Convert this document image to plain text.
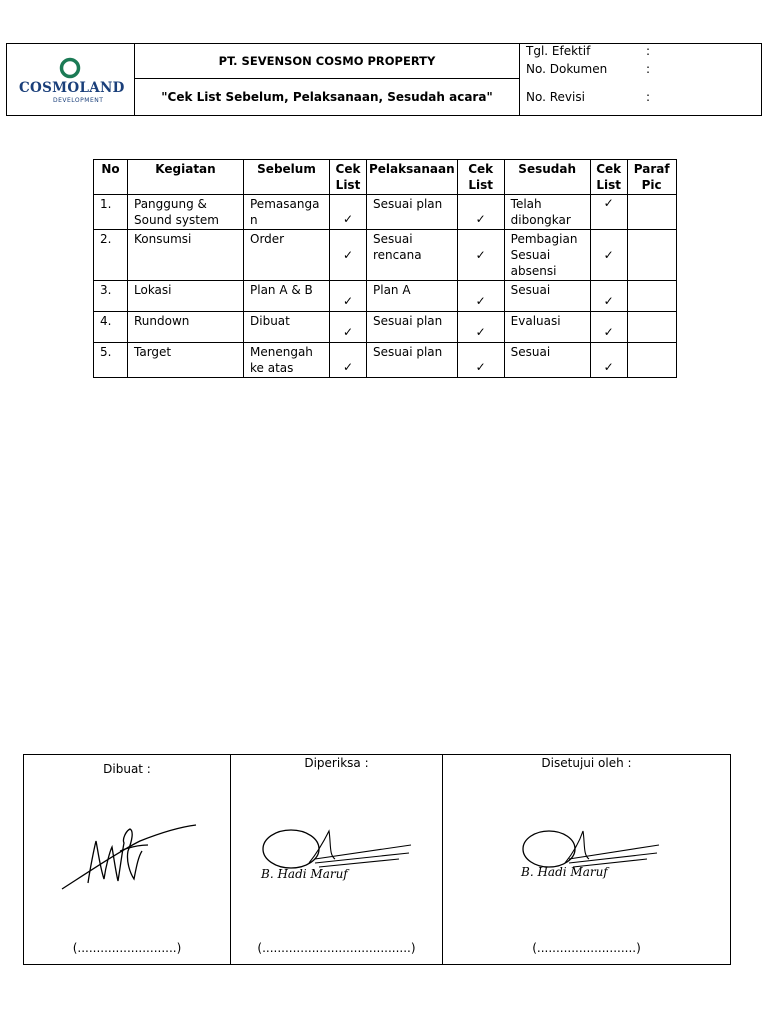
COSMOLAND
DEVELOPMENT
PT. SEVENSON COSMO PROPERTY
"Cek List Sebelum, Pelaksanaan, Sesudah acara"
Tgl. Efektif	:
No. Dokumen	:
No. Revisi	:
No	Kegiatan	Sebelum	Cek List	Pelaksanaan	Cek List	Sesudah	Cek List	Paraf Pic
1.	Panggung & Sound system	Pemasanga n	✓	Sesuai plan	✓	Telah dibongkar	✓	
2.	Konsumsi	Order	✓	Sesuai rencana	✓	Pembagian Sesuai absensi	✓	
3.	Lokasi	Plan A & B	✓	Plan A	✓	Sesuai	✓	
4.	Rundown	Dibuat	✓	Sesuai plan	✓	Evaluasi	✓	
5.	Target	Menengah ke atas	✓	Sesuai plan	✓	Sesuai	✓	
Dibuat :
(..........................)
Diperiksa :
B. Hadi Maruf
(.......................................)
Disetujui oleh :
B. Hadi Maruf
(..........................)
